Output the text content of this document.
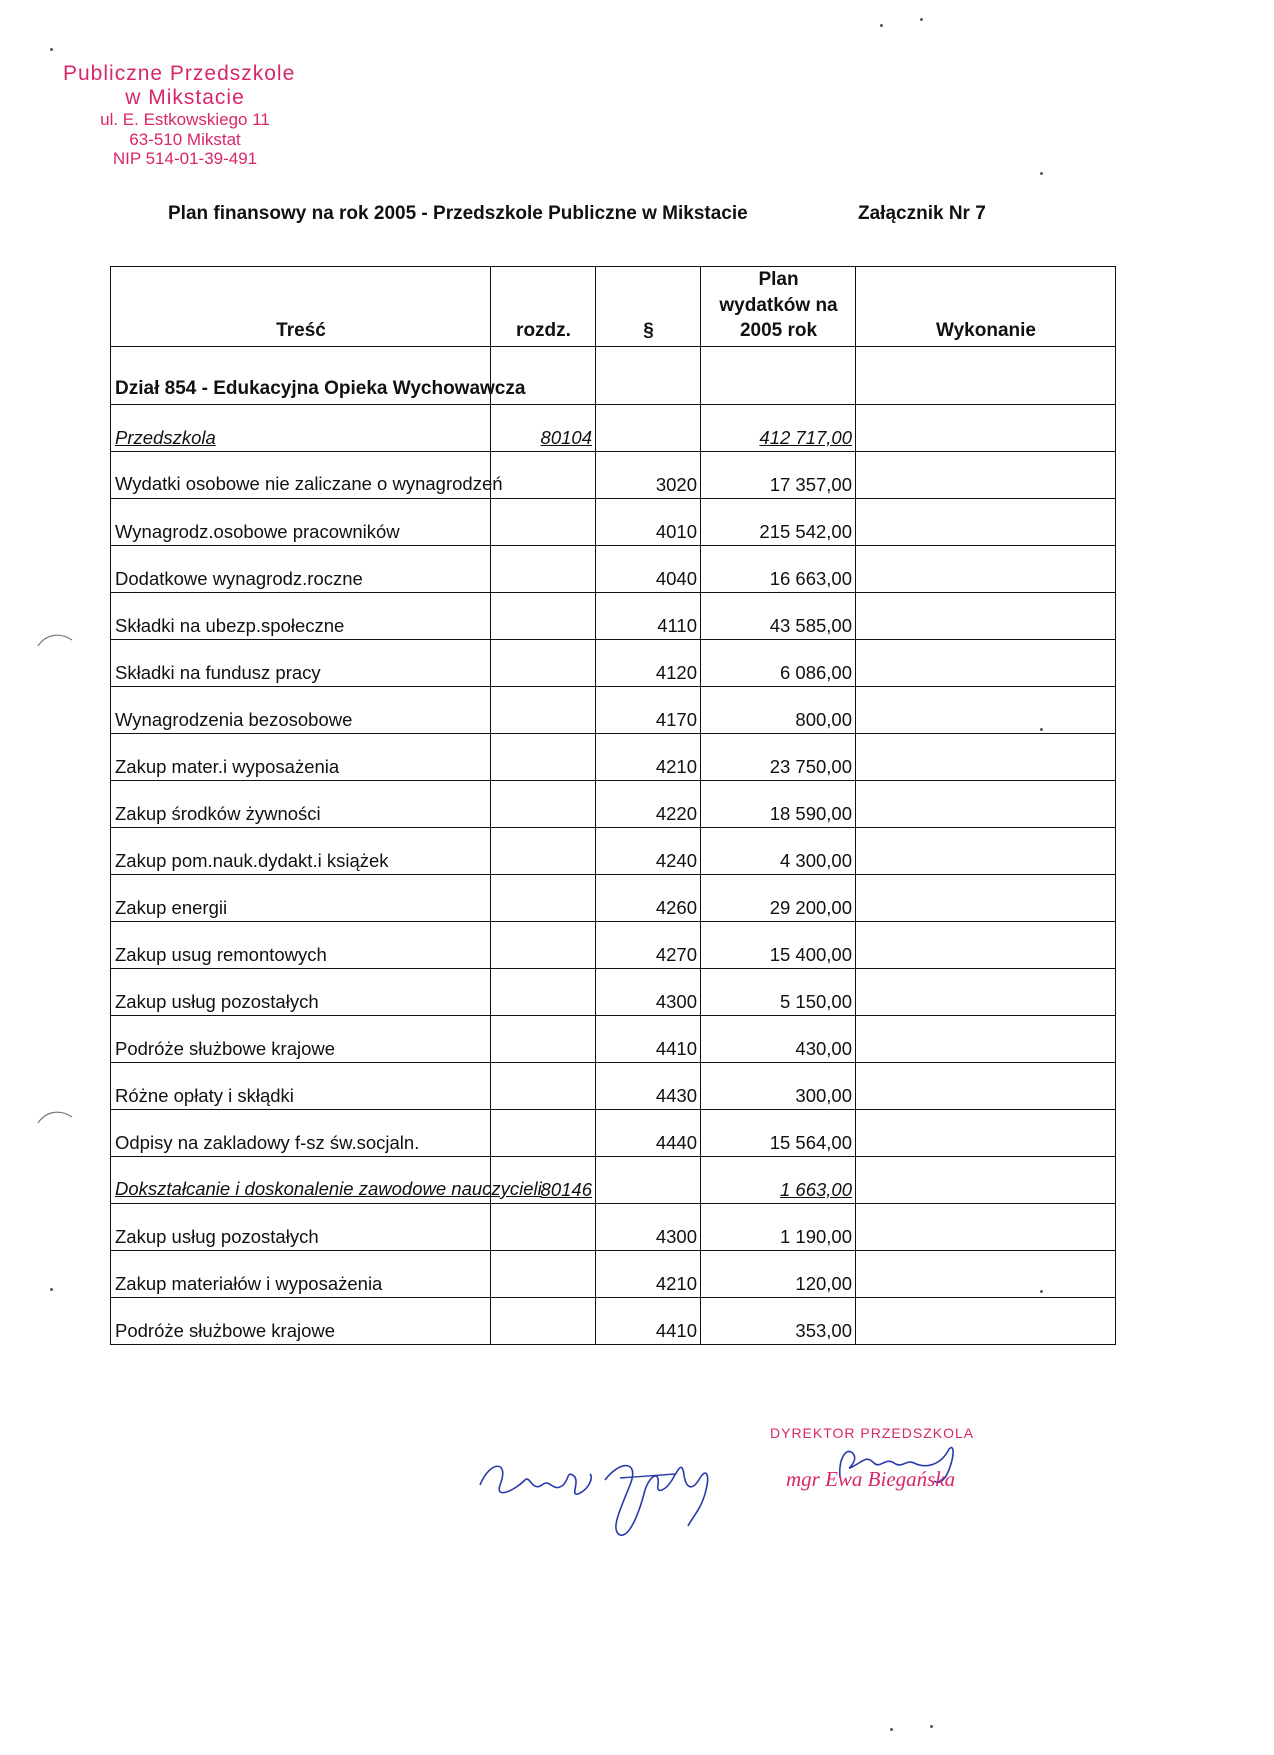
Publiczne Przedszkole
w Mikstacie
ul. E. Estkowskiego 11
63-510 Mikstat
NIP 514-01-39-491
Plan finansowy na rok 2005 - Przedszkole Publiczne w Mikstacie	Załącznik Nr 7
Treść	rozdz.	§	Plan
wydatków na
2005 rok	Wykonanie
Dział 854 - Edukacyjna Opieka Wychowawcza				
Przedszkola	80104		412 717,00	
Wydatki osobowe nie zaliczane o wynagrodzeń		3020	17 357,00	
Wynagrodz.osobowe pracowników		4010	215 542,00	
Dodatkowe wynagrodz.roczne		4040	16 663,00	
Składki na ubezp.społeczne		4110	43 585,00	
Składki na fundusz pracy		4120	6 086,00	
Wynagrodzenia bezosobowe		4170	800,00	
Zakup mater.i wyposażenia		4210	23 750,00	
Zakup środków żywności		4220	18 590,00	
Zakup pom.nauk.dydakt.i książek		4240	4 300,00	
Zakup energii		4260	29 200,00	
Zakup usug remontowych		4270	15 400,00	
Zakup usług pozostałych		4300	5 150,00	
Podróże służbowe krajowe		4410	430,00	
Różne opłaty i skłądki		4430	300,00	
Odpisy na zakladowy f-sz św.socjaln.		4440	15 564,00	
Dokształcanie i doskonalenie zawodowe nauczycieli	80146		1 663,00	
Zakup usług pozostałych		4300	1 190,00	
Zakup materiałów i wyposażenia		4210	120,00	
Podróże służbowe krajowe		4410	353,00	
DYREKTOR PRZEDSZKOLA
mgr Ewa Biegańska
